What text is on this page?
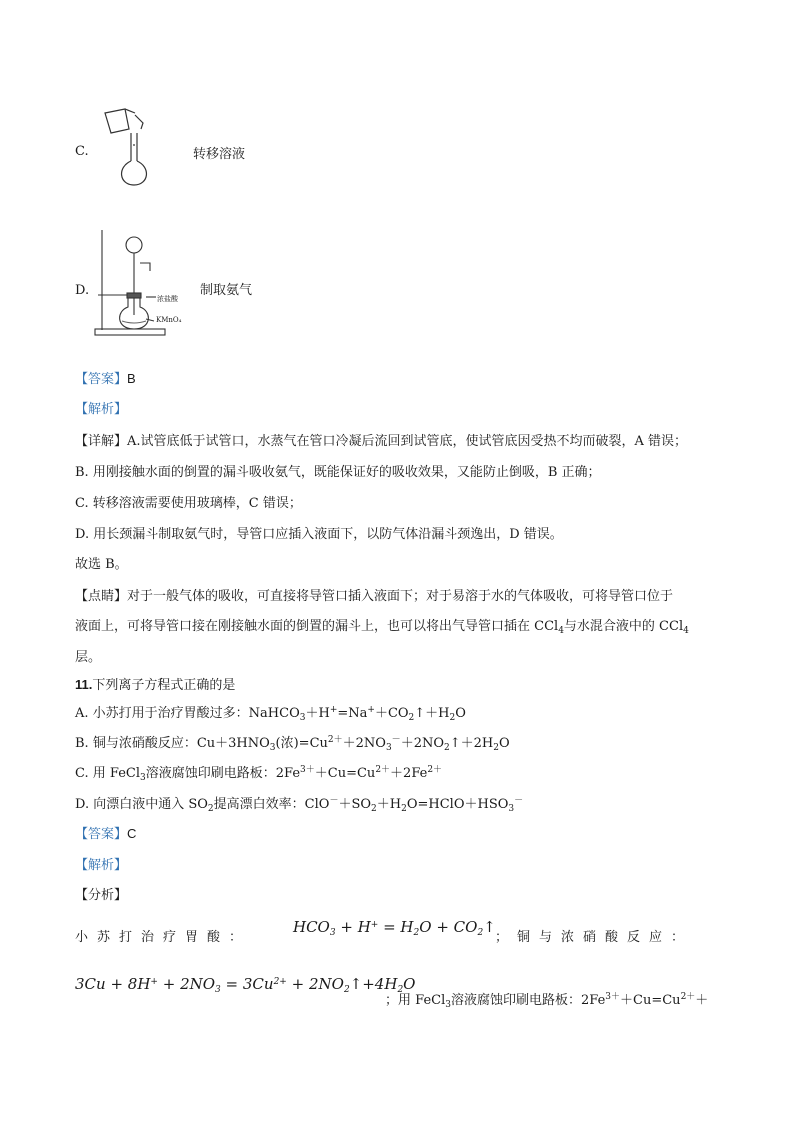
C.	转移溶液
D.
浓盐酸
KMnO₄
制取氨气
【答案】B
【解析】
【详解】A.试管底低于试管口，水蒸气在管口冷凝后流回到试管底，使试管底因受热不均而破裂，A 错误；
B. 用刚接触水面的倒置的漏斗吸收氨气，既能保证好的吸收效果，又能防止倒吸，B 正确；
C. 转移溶液需要使用玻璃棒，C 错误；
D. 用长颈漏斗制取氨气时，导管口应插入液面下，以防气体沿漏斗颈逸出，D 错误。
故选 B。
【点睛】对于一般气体的吸收，可直接将导管口插入液面下；对于易溶于水的气体吸收，可将导管口位于
液面上，可将导管口接在刚接触水面的倒置的漏斗上，也可以将出气导管口插在 CCl$_4$与水混合液中的 CCl$_4$
层。
11.下列离子方程式正确的是
A. 小苏打用于治疗胃酸过多：$NaHCO_3+H^+=Na^++CO_2↑+H_2O$
B. 铜与浓硝酸反应：$Cu+3HNO_3$(浓)$=Cu^{2+}+2NO_3^-+2NO_2↑+2H_2O$
C. 用 FeCl$_3$溶液腐蚀印刷电路板：$2Fe^{3+}+Cu=Cu^{2+}+2Fe^{2+}$
D. 向漂白液中通入 $SO_2$提高漂白效率：$ClO^-+SO_2+H_2O=HClO+HSO_3^-$
【答案】C
【解析】
【分析】
小苏打治疗胃酸：
$HCO_3 + H^+ = H_2O$ + $CO_2↑$
；铜与浓硝酸反应：
$3Cu + 8H^+ + 2NO_3 = 3Cu^{2+}$ + $2NO_2↑+4H_2O$
；用 FeCl$_3$溶液腐蚀印刷电路板：$2Fe^{3+}+Cu=Cu^{2+}+$
